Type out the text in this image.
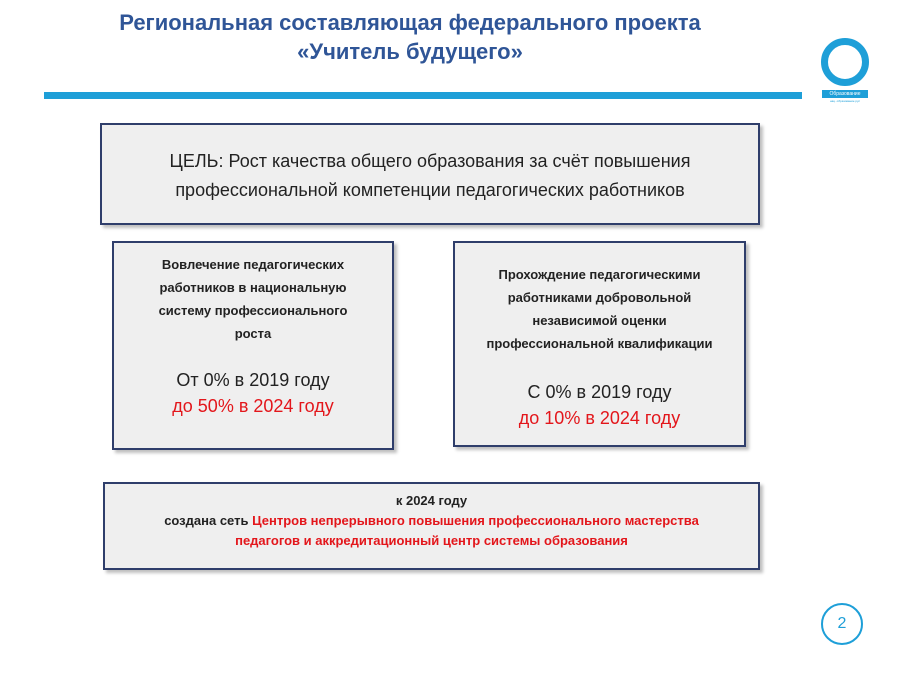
Региональная составляющая федерального проекта
«Учитель будущего»
Образование
нац. образование рус
ЦЕЛЬ: Рост качества общего образования за счёт повышения
профессиональной компетенции педагогических работников
Вовлечение педагогических
работников в национальную
систему профессионального
роста
От 0% в 2019 году
до 50% в 2024 году
Прохождение педагогическими
работниками добровольной
независимой оценки
профессиональной квалификации
С 0% в 2019 году
до 10% в 2024 году
к 2024 году
создана сеть Центров непрерывного повышения профессионального мастерства
педагогов и аккредитационный центр системы образования
2
